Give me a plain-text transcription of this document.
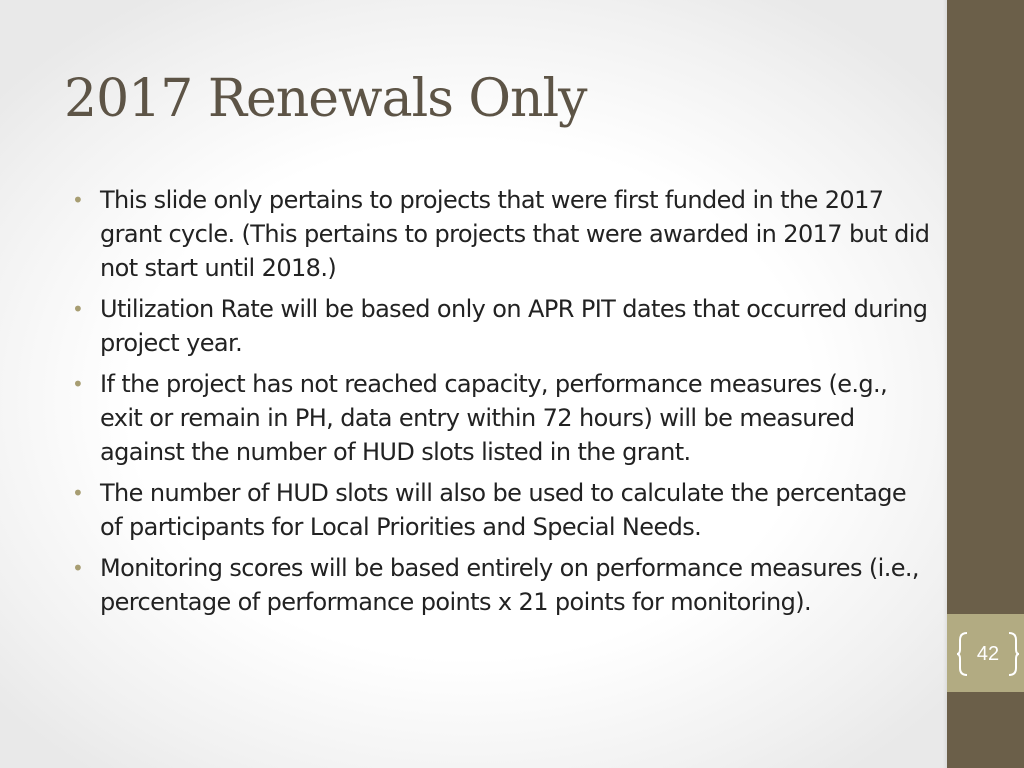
42
2017 Renewals Only
• This slide only pertains to projects that were first funded in the 2017 grant cycle. (This pertains to projects that were awarded in 2017 but did not start until 2018.)
• Utilization Rate will be based only on APR PIT dates that occurred during project year.
• If the project has not reached capacity, performance measures (e.g., exit or remain in PH, data entry within 72 hours) will be measured against the number of HUD slots listed in the grant.
• The number of HUD slots will also be used to calculate the percentage of participants for Local Priorities and Special Needs.
• Monitoring scores will be based entirely on performance measures (i.e., percentage of performance points x 21 points for monitoring).
